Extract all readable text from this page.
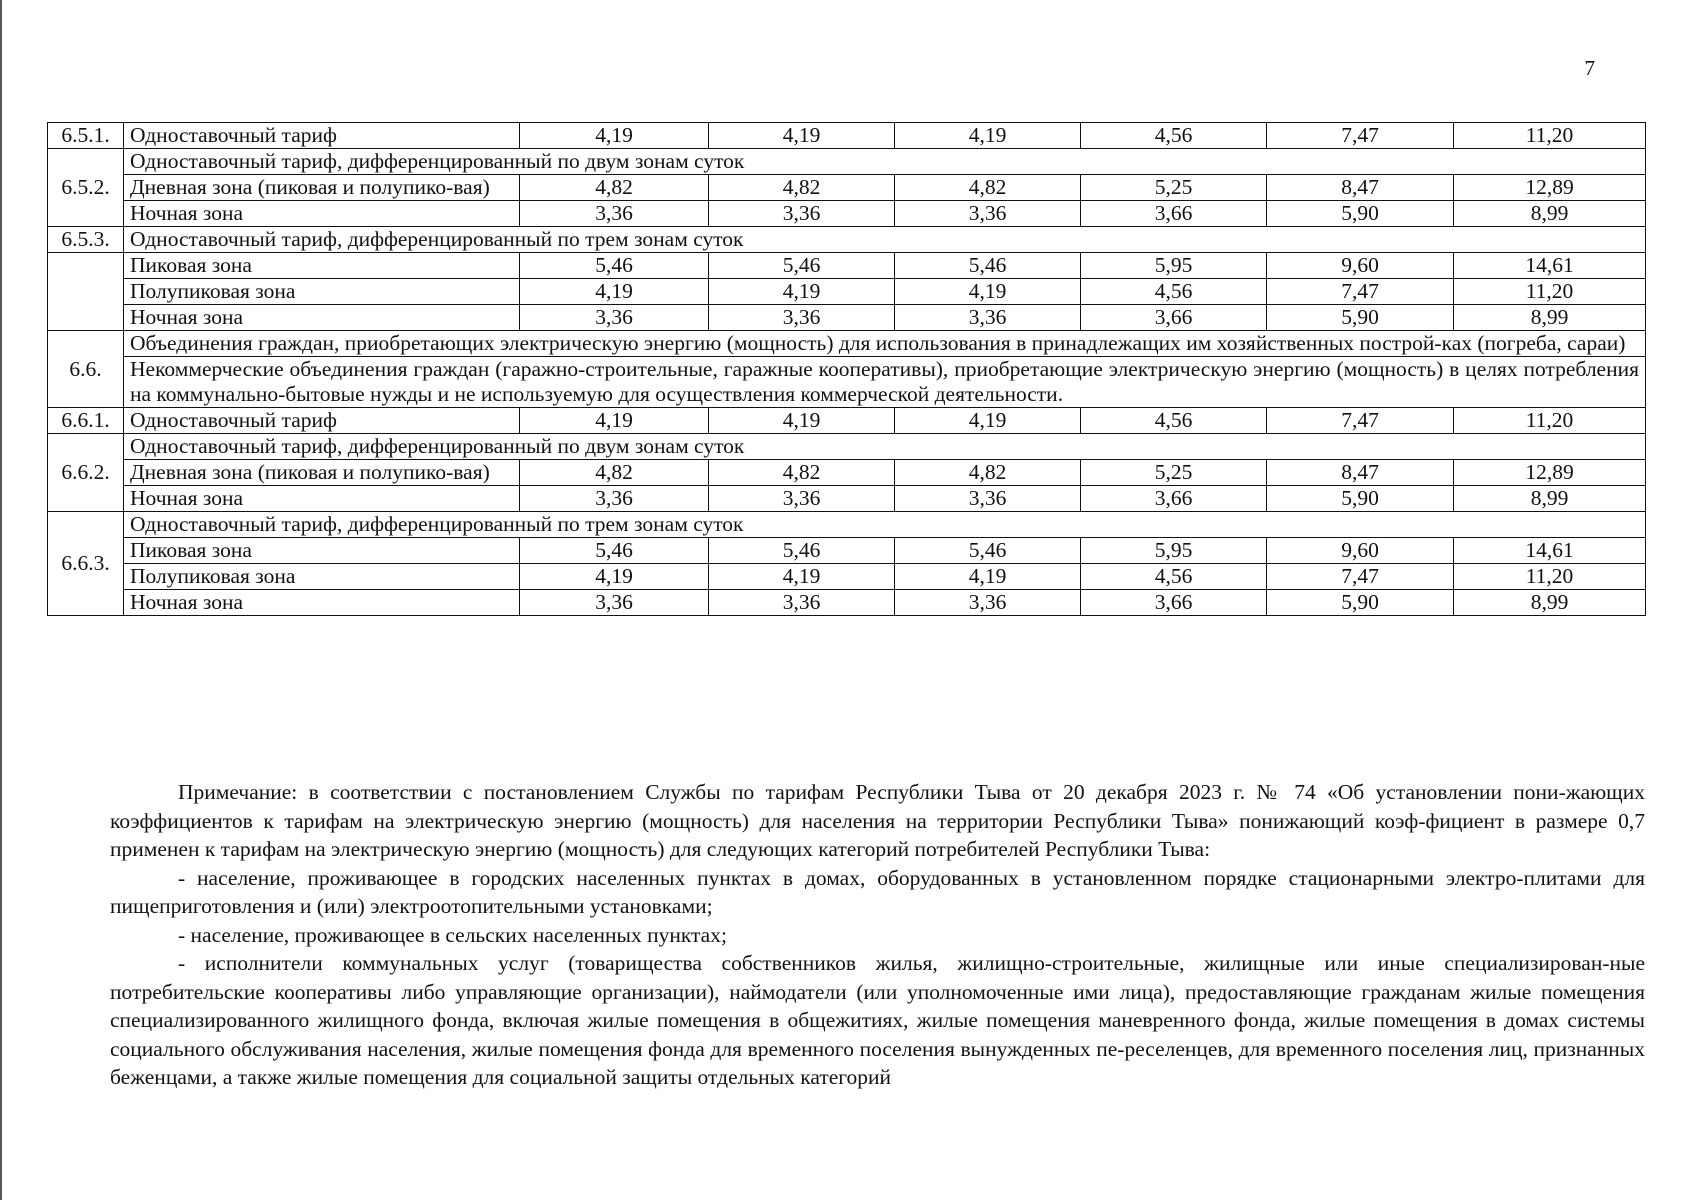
7
6.5.1.	Одноставочный тариф	4,19	4,19	4,19	4,56	7,47	11,20
6.5.2.	Одноставочный тариф, дифференцированный по двум зонам суток						
	Дневная зона (пиковая и полупико-вая)	4,82	4,82	4,82	5,25	8,47	12,89
	Ночная зона	3,36	3,36	3,36	3,66	5,90	8,99
6.5.3.	Одноставочный тариф, дифференцированный по трем зонам суток						
	Пиковая зона	5,46	5,46	5,46	5,95	9,60	14,61
	Полупиковая зона	4,19	4,19	4,19	4,56	7,47	11,20
	Ночная зона	3,36	3,36	3,36	3,66	5,90	8,99
6.6.	Объединения граждан, приобретающих электрическую энергию (мощность) для использования в принадлежащих им хозяйственных построй-ках (погреба, сараи)						
	Некоммерческие объединения граждан (гаражно-строительные, гаражные кооперативы), приобретающие электрическую энергию (мощность) в целях потребления на коммунально-бытовые нужды и не используемую для осуществления коммерческой деятельности.						
6.6.1.	Одноставочный тариф	4,19	4,19	4,19	4,56	7,47	11,20
6.6.2.	Одноставочный тариф, дифференцированный по двум зонам суток						
	Дневная зона (пиковая и полупико-вая)	4,82	4,82	4,82	5,25	8,47	12,89
	Ночная зона	3,36	3,36	3,36	3,66	5,90	8,99
6.6.3.	Одноставочный тариф, дифференцированный по трем зонам суток						
	Пиковая зона	5,46	5,46	5,46	5,95	9,60	14,61
	Полупиковая зона	4,19	4,19	4,19	4,56	7,47	11,20
	Ночная зона	3,36	3,36	3,36	3,66	5,90	8,99

Примечание: в соответствии с постановлением Службы по тарифам Республики Тыва от 20 декабря 2023 г. № 74 «Об установлении пони-жающих коэффициентов к тарифам на электрическую энергию (мощность) для населения на территории Республики Тыва» понижающий коэф-фициент в размере 0,7 применен к тарифам на электрическую энергию (мощность) для следующих категорий потребителей Республики Тыва:

- население, проживающее в городских населенных пунктах в домах, оборудованных в установленном порядке стационарными электро-плитами для пищеприготовления и (или) электроотопительными установками;

- население, проживающее в сельских населенных пунктах;

- исполнители коммунальных услуг (товарищества собственников жилья, жилищно-строительные, жилищные или иные специализирован-ные потребительские кооперативы либо управляющие организации), наймодатели (или уполномоченные ими лица), предоставляющие гражданам жилые помещения специализированного жилищного фонда, включая жилые помещения в общежитиях, жилые помещения маневренного фонда, жилые помещения в домах системы социального обслуживания населения, жилые помещения фонда для временного поселения вынужденных пе-реселенцев, для временного поселения лиц, признанных беженцами, а также жилые помещения для социальной защиты отдельных категорий
